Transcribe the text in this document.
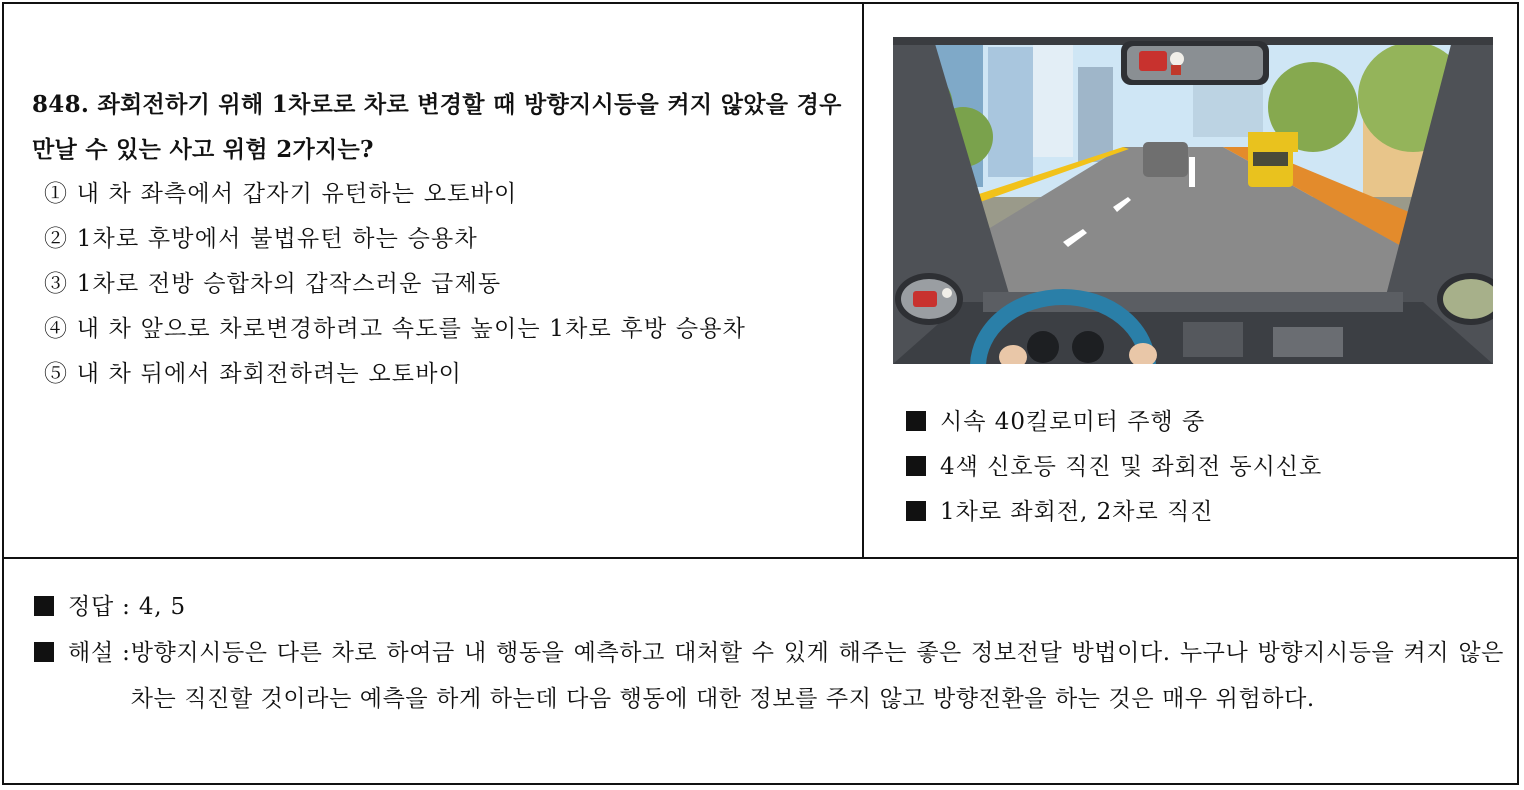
848. 좌회전하기 위해 1차로로 차로 변경할 때 방향지시등을 켜지 않았을 경우 만날 수 있는 사고 위험 2가지는?

① 내 차 좌측에서 갑자기 유턴하는 오토바이
② 1차로 후방에서 불법유턴 하는 승용차
③ 1차로 전방 승합차의 갑작스러운 급제동
④ 내 차 앞으로 차로변경하려고 속도를 높이는 1차로 후방 승용차
⑤ 내 차 뒤에서 좌회전하려는 오토바이
시속 40킬로미터 주행 중
4색 신호등 직진 및 좌회전 동시신호
1차로 좌회전, 2차로 직진
정답 : 4, 5
해설 : 방향지시등은 다른 차로 하여금 내 행동을 예측하고 대처할 수 있게 해주는 좋은 정보전달 방법이다. 누구나 방향지시등을 켜지 않은 차는 직진할 것이라는 예측을 하게 하는데 다음 행동에 대한 정보를 주지 않고 방향전환을 하는 것은 매우 위험하다.
